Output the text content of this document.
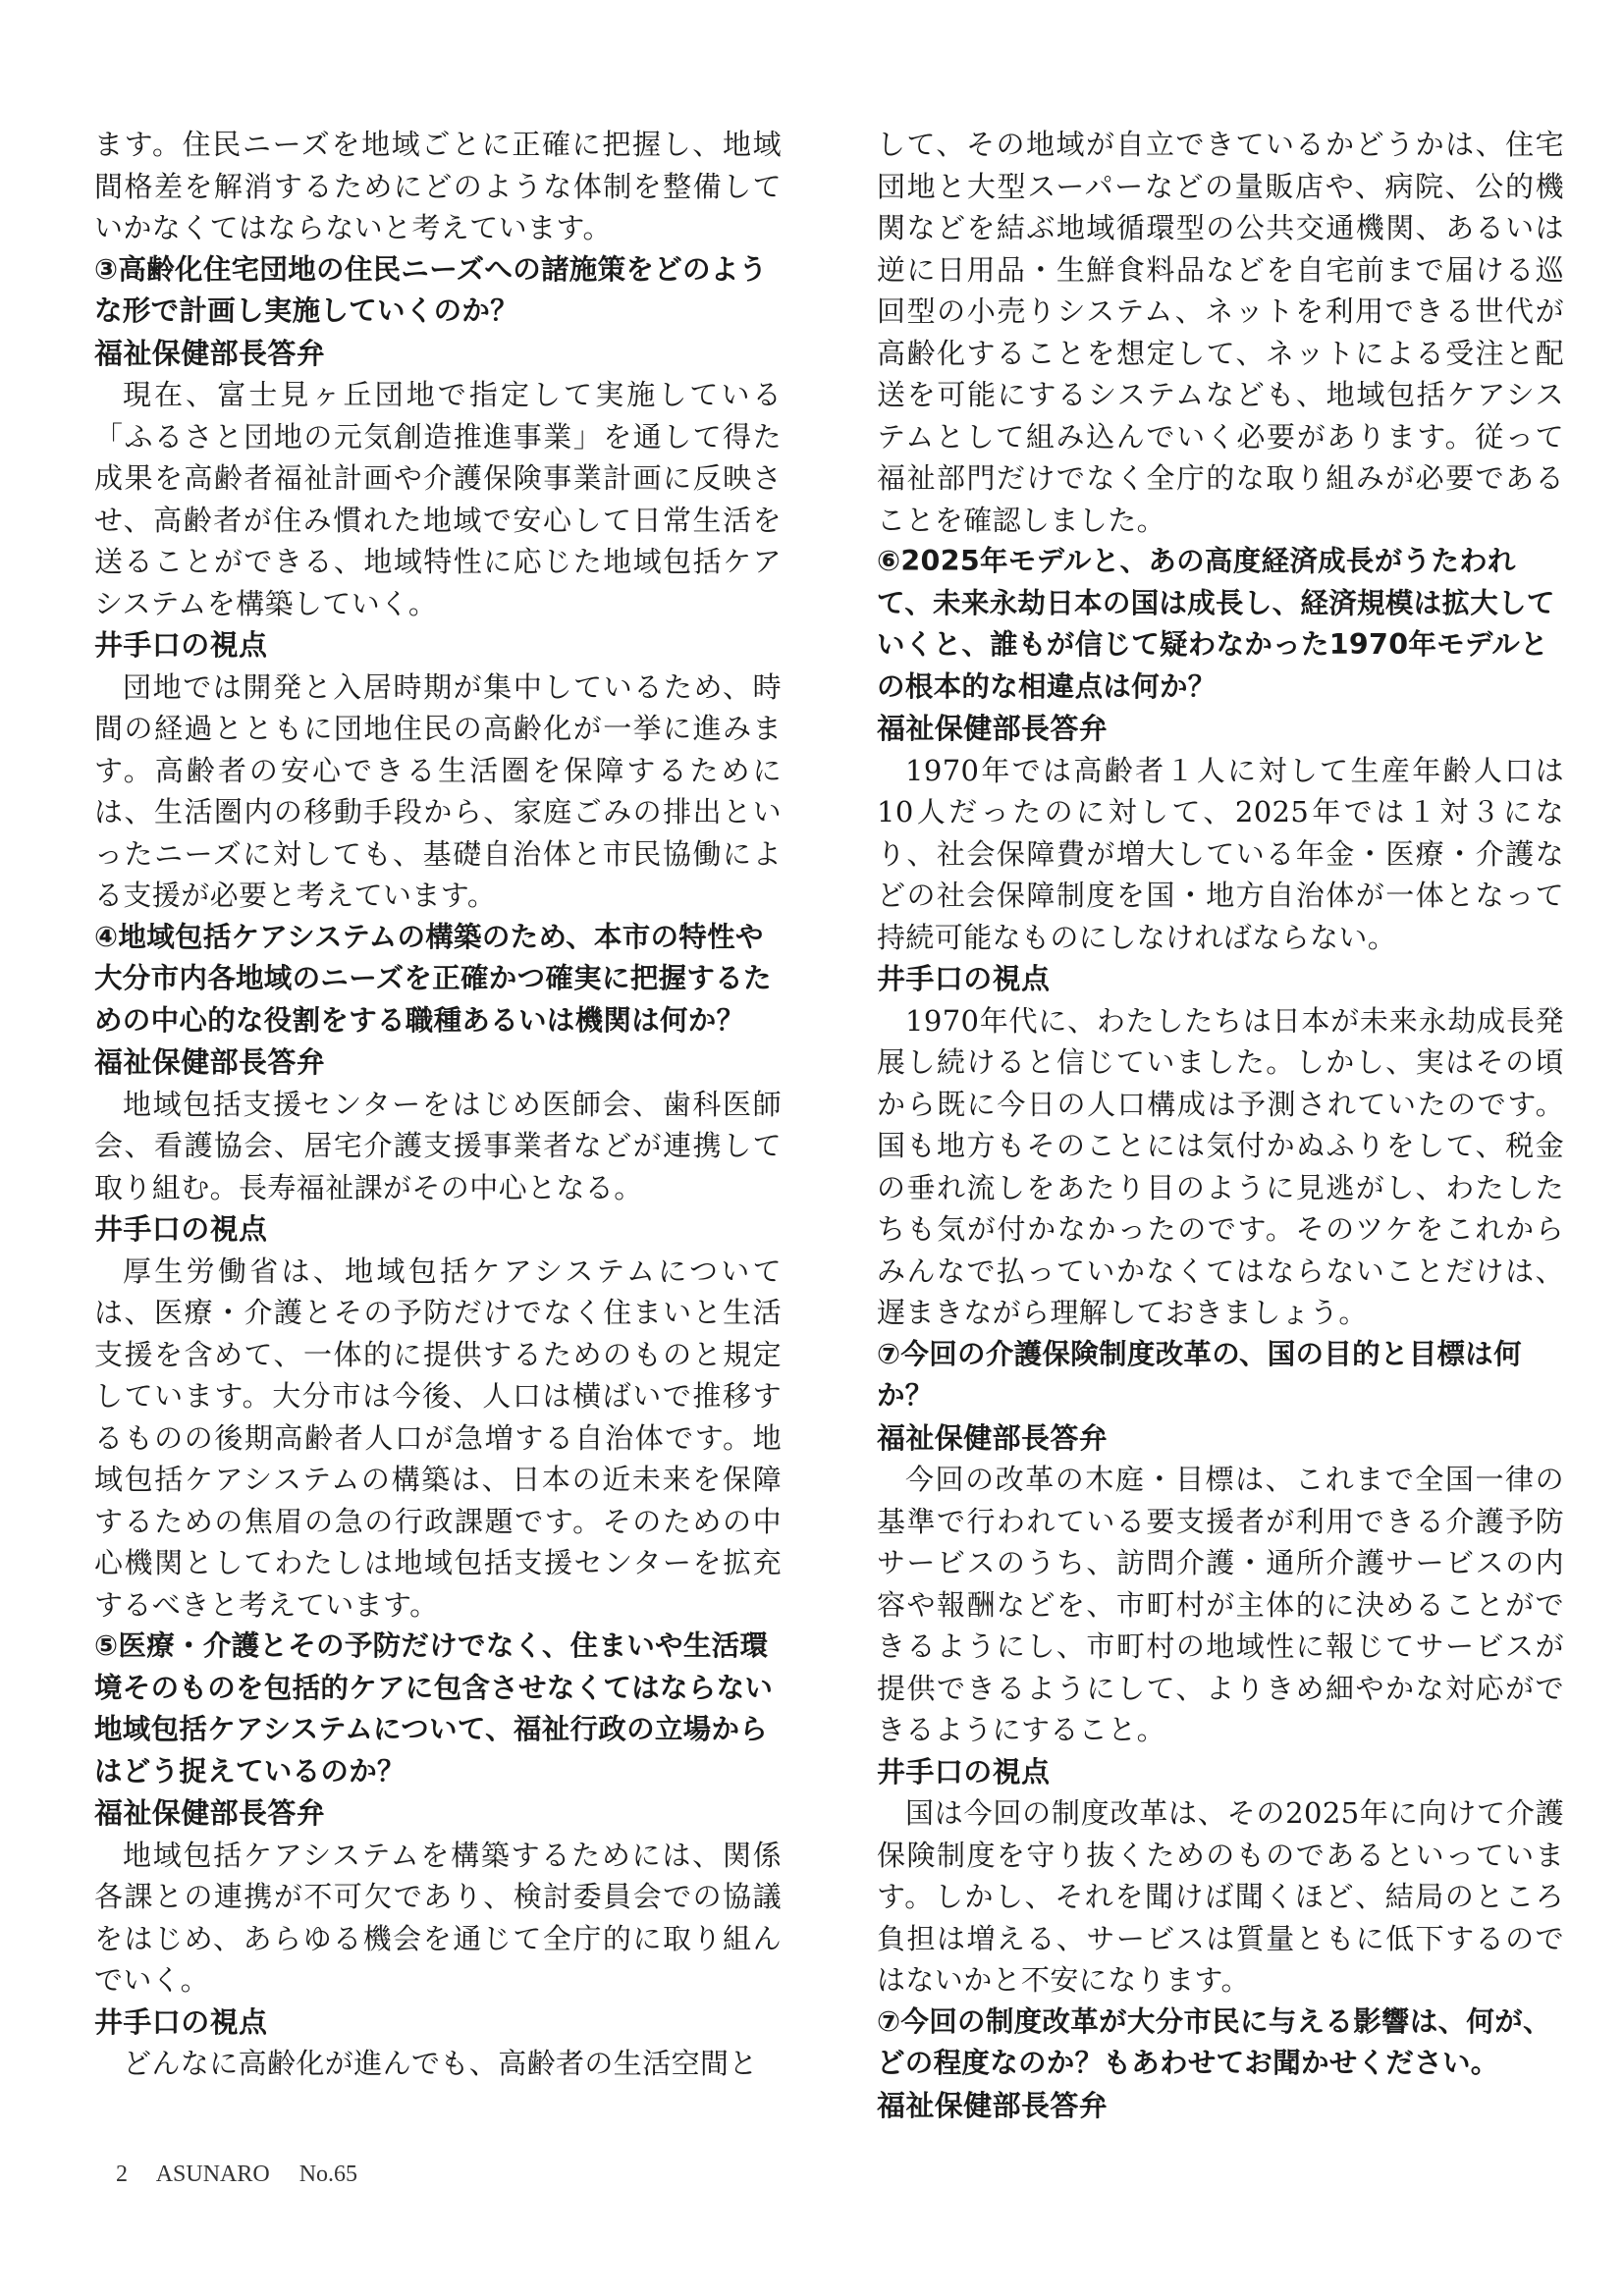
ます。住民ニーズを地域ごとに正確に把握し、地域間格差を解消するためにどのような体制を整備していかなくてはならないと考えています。

③高齢化住宅団地の住民ニーズへの諸施策をどのような形で計画し実施していくのか？

福祉保健部長答弁

現在、富士見ヶ丘団地で指定して実施している「ふるさと団地の元気創造推進事業」を通して得た成果を高齢者福祉計画や介護保険事業計画に反映させ、高齢者が住み慣れた地域で安心して日常生活を送ることができる、地域特性に応じた地域包括ケアシステムを構築していく。

井手口の視点

団地では開発と入居時期が集中しているため、時間の経過とともに団地住民の高齢化が一挙に進みます。高齢者の安心できる生活圏を保障するためには、生活圏内の移動手段から、家庭ごみの排出といったニーズに対しても、基礎自治体と市民協働による支援が必要と考えています。

④地域包括ケアシステムの構築のため、本市の特性や大分市内各地域のニーズを正確かつ確実に把握するための中心的な役割をする職種あるいは機関は何か？

福祉保健部長答弁

地域包括支援センターをはじめ医師会、歯科医師会、看護協会、居宅介護支援事業者などが連携して取り組む。長寿福祉課がその中心となる。

井手口の視点

厚生労働省は、地域包括ケアシステムについては、医療・介護とその予防だけでなく住まいと生活支援を含めて、一体的に提供するためのものと規定しています。大分市は今後、人口は横ばいで推移するものの後期高齢者人口が急増する自治体です。地域包括ケアシステムの構築は、日本の近未来を保障するための焦眉の急の行政課題です。そのための中心機関としてわたしは地域包括支援センターを拡充するべきと考えています。

⑤医療・介護とその予防だけでなく、住まいや生活環境そのものを包括的ケアに包含させなくてはならない地域包括ケアシステムについて、福祉行政の立場からはどう捉えているのか？

福祉保健部長答弁

地域包括ケアシステムを構築するためには、関係各課との連携が不可欠であり、検討委員会での協議をはじめ、あらゆる機会を通じて全庁的に取り組んでいく。

井手口の視点

どんなに高齢化が進んでも、高齢者の生活空間と

して、その地域が自立できているかどうかは、住宅団地と大型スーパーなどの量販店や、病院、公的機関などを結ぶ地域循環型の公共交通機関、あるいは逆に日用品・生鮮食料品などを自宅前まで届ける巡回型の小売りシステム、ネットを利用できる世代が高齢化することを想定して、ネットによる受注と配送を可能にするシステムなども、地域包括ケアシステムとして組み込んでいく必要があります。従って福祉部門だけでなく全庁的な取り組みが必要であることを確認しました。

⑥2025年モデルと、あの高度経済成長がうたわれて、未来永劫日本の国は成長し、経済規模は拡大していくと、誰もが信じて疑わなかった1970年モデルとの根本的な相違点は何か？

福祉保健部長答弁

1970年では高齢者１人に対して生産年齢人口は10人だったのに対して、2025年では１対３になり、社会保障費が増大している年金・医療・介護などの社会保障制度を国・地方自治体が一体となって持続可能なものにしなければならない。

井手口の視点

1970年代に、わたしたちは日本が未来永劫成長発展し続けると信じていました。しかし、実はその頃から既に今日の人口構成は予測されていたのです。国も地方もそのことには気付かぬふりをして、税金の垂れ流しをあたり目のように見逃がし、わたしたちも気が付かなかったのです。そのツケをこれからみんなで払っていかなくてはならないことだけは、遅まきながら理解しておきましょう。

⑦今回の介護保険制度改革の、国の目的と目標は何か？

福祉保健部長答弁

今回の改革の木庭・目標は、これまで全国一律の基準で行われている要支援者が利用できる介護予防サービスのうち、訪問介護・通所介護サービスの内容や報酬などを、市町村が主体的に決めることができるようにし、市町村の地域性に報じてサービスが提供できるようにして、よりきめ細やかな対応ができるようにすること。

井手口の視点

国は今回の制度改革は、その2025年に向けて介護保険制度を守り抜くためのものであるといっています。しかし、それを聞けば聞くほど、結局のところ負担は増える、サービスは質量ともに低下するのではないかと不安になります。

⑦今回の制度改革が大分市民に与える影響は、何が、どの程度なのか？もあわせてお聞かせください。

福祉保健部長答弁

2 ASUNARO No.65
